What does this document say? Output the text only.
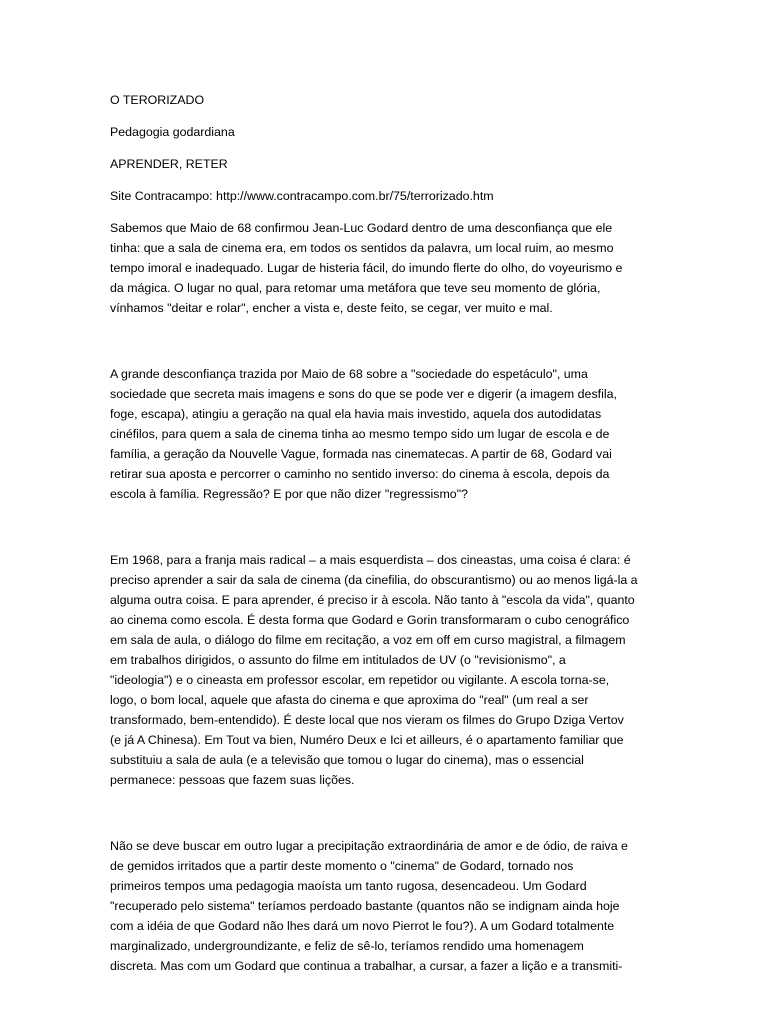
O TERORIZADO

Pedagogia godardiana

APRENDER, RETER

Site Contracampo: http://www.contracampo.com.br/75/terrorizado.htm

Sabemos que Maio de 68 confirmou Jean-Luc Godard dentro de uma desconfiança que ele
tinha: que a sala de cinema era, em todos os sentidos da palavra, um local ruim, ao mesmo
tempo imoral e inadequado. Lugar de histeria fácil, do imundo flerte do olho, do voyeurismo e
da mágica. O lugar no qual, para retomar uma metáfora que teve seu momento de glória,
vínhamos "deitar e rolar", encher a vista e, deste feito, se cegar, ver muito e mal.
A grande desconfiança trazida por Maio de 68 sobre a "sociedade do espetáculo", uma
sociedade que secreta mais imagens e sons do que se pode ver e digerir (a imagem desfila,
foge, escapa), atingiu a geração na qual ela havia mais investido, aquela dos autodidatas
cinéfilos, para quem a sala de cinema tinha ao mesmo tempo sido um lugar de escola e de
família, a geração da Nouvelle Vague, formada nas cinematecas. A partir de 68, Godard vai
retirar sua aposta e percorrer o caminho no sentido inverso: do cinema à escola, depois da
escola à família. Regressão? E por que não dizer "regressismo"?
Em 1968, para a franja mais radical – a mais esquerdista – dos cineastas, uma coisa é clara: é
preciso aprender a sair da sala de cinema (da cinefilia, do obscurantismo) ou ao menos ligá-la a
alguma outra coisa. E para aprender, é preciso ir à escola. Não tanto à "escola da vida", quanto
ao cinema como escola. É desta forma que Godard e Gorin transformaram o cubo cenográfico
em sala de aula, o diálogo do filme em recitação, a voz em off em curso magistral, a filmagem
em trabalhos dirigidos, o assunto do filme em intitulados de UV (o "revisionismo", a
"ideologia") e o cineasta em professor escolar, em repetidor ou vigilante. A escola torna-se,
logo, o bom local, aquele que afasta do cinema e que aproxima do "real" (um real a ser
transformado, bem-entendido). É deste local que nos vieram os filmes do Grupo Dziga Vertov
(e já A Chinesa). Em Tout va bien, Numéro Deux e Ici et ailleurs, é o apartamento familiar que
substituiu a sala de aula (e a televisão que tomou o lugar do cinema), mas o essencial
permanece: pessoas que fazem suas lições.
Não se deve buscar em outro lugar a precipitação extraordinária de amor e de ódio, de raiva e
de gemidos irritados que a partir deste momento o "cinema" de Godard, tornado nos
primeiros tempos uma pedagogia maoísta um tanto rugosa, desencadeou. Um Godard
"recuperado pelo sistema" teríamos perdoado bastante (quantos não se indignam ainda hoje
com a idéia de que Godard não lhes dará um novo Pierrot le fou?). A um Godard totalmente
marginalizado, undergroundizante, e feliz de sê-lo, teríamos rendido uma homenagem
discreta. Mas com um Godard que continua a trabalhar, a cursar, a fazer a lição e a transmiti-
